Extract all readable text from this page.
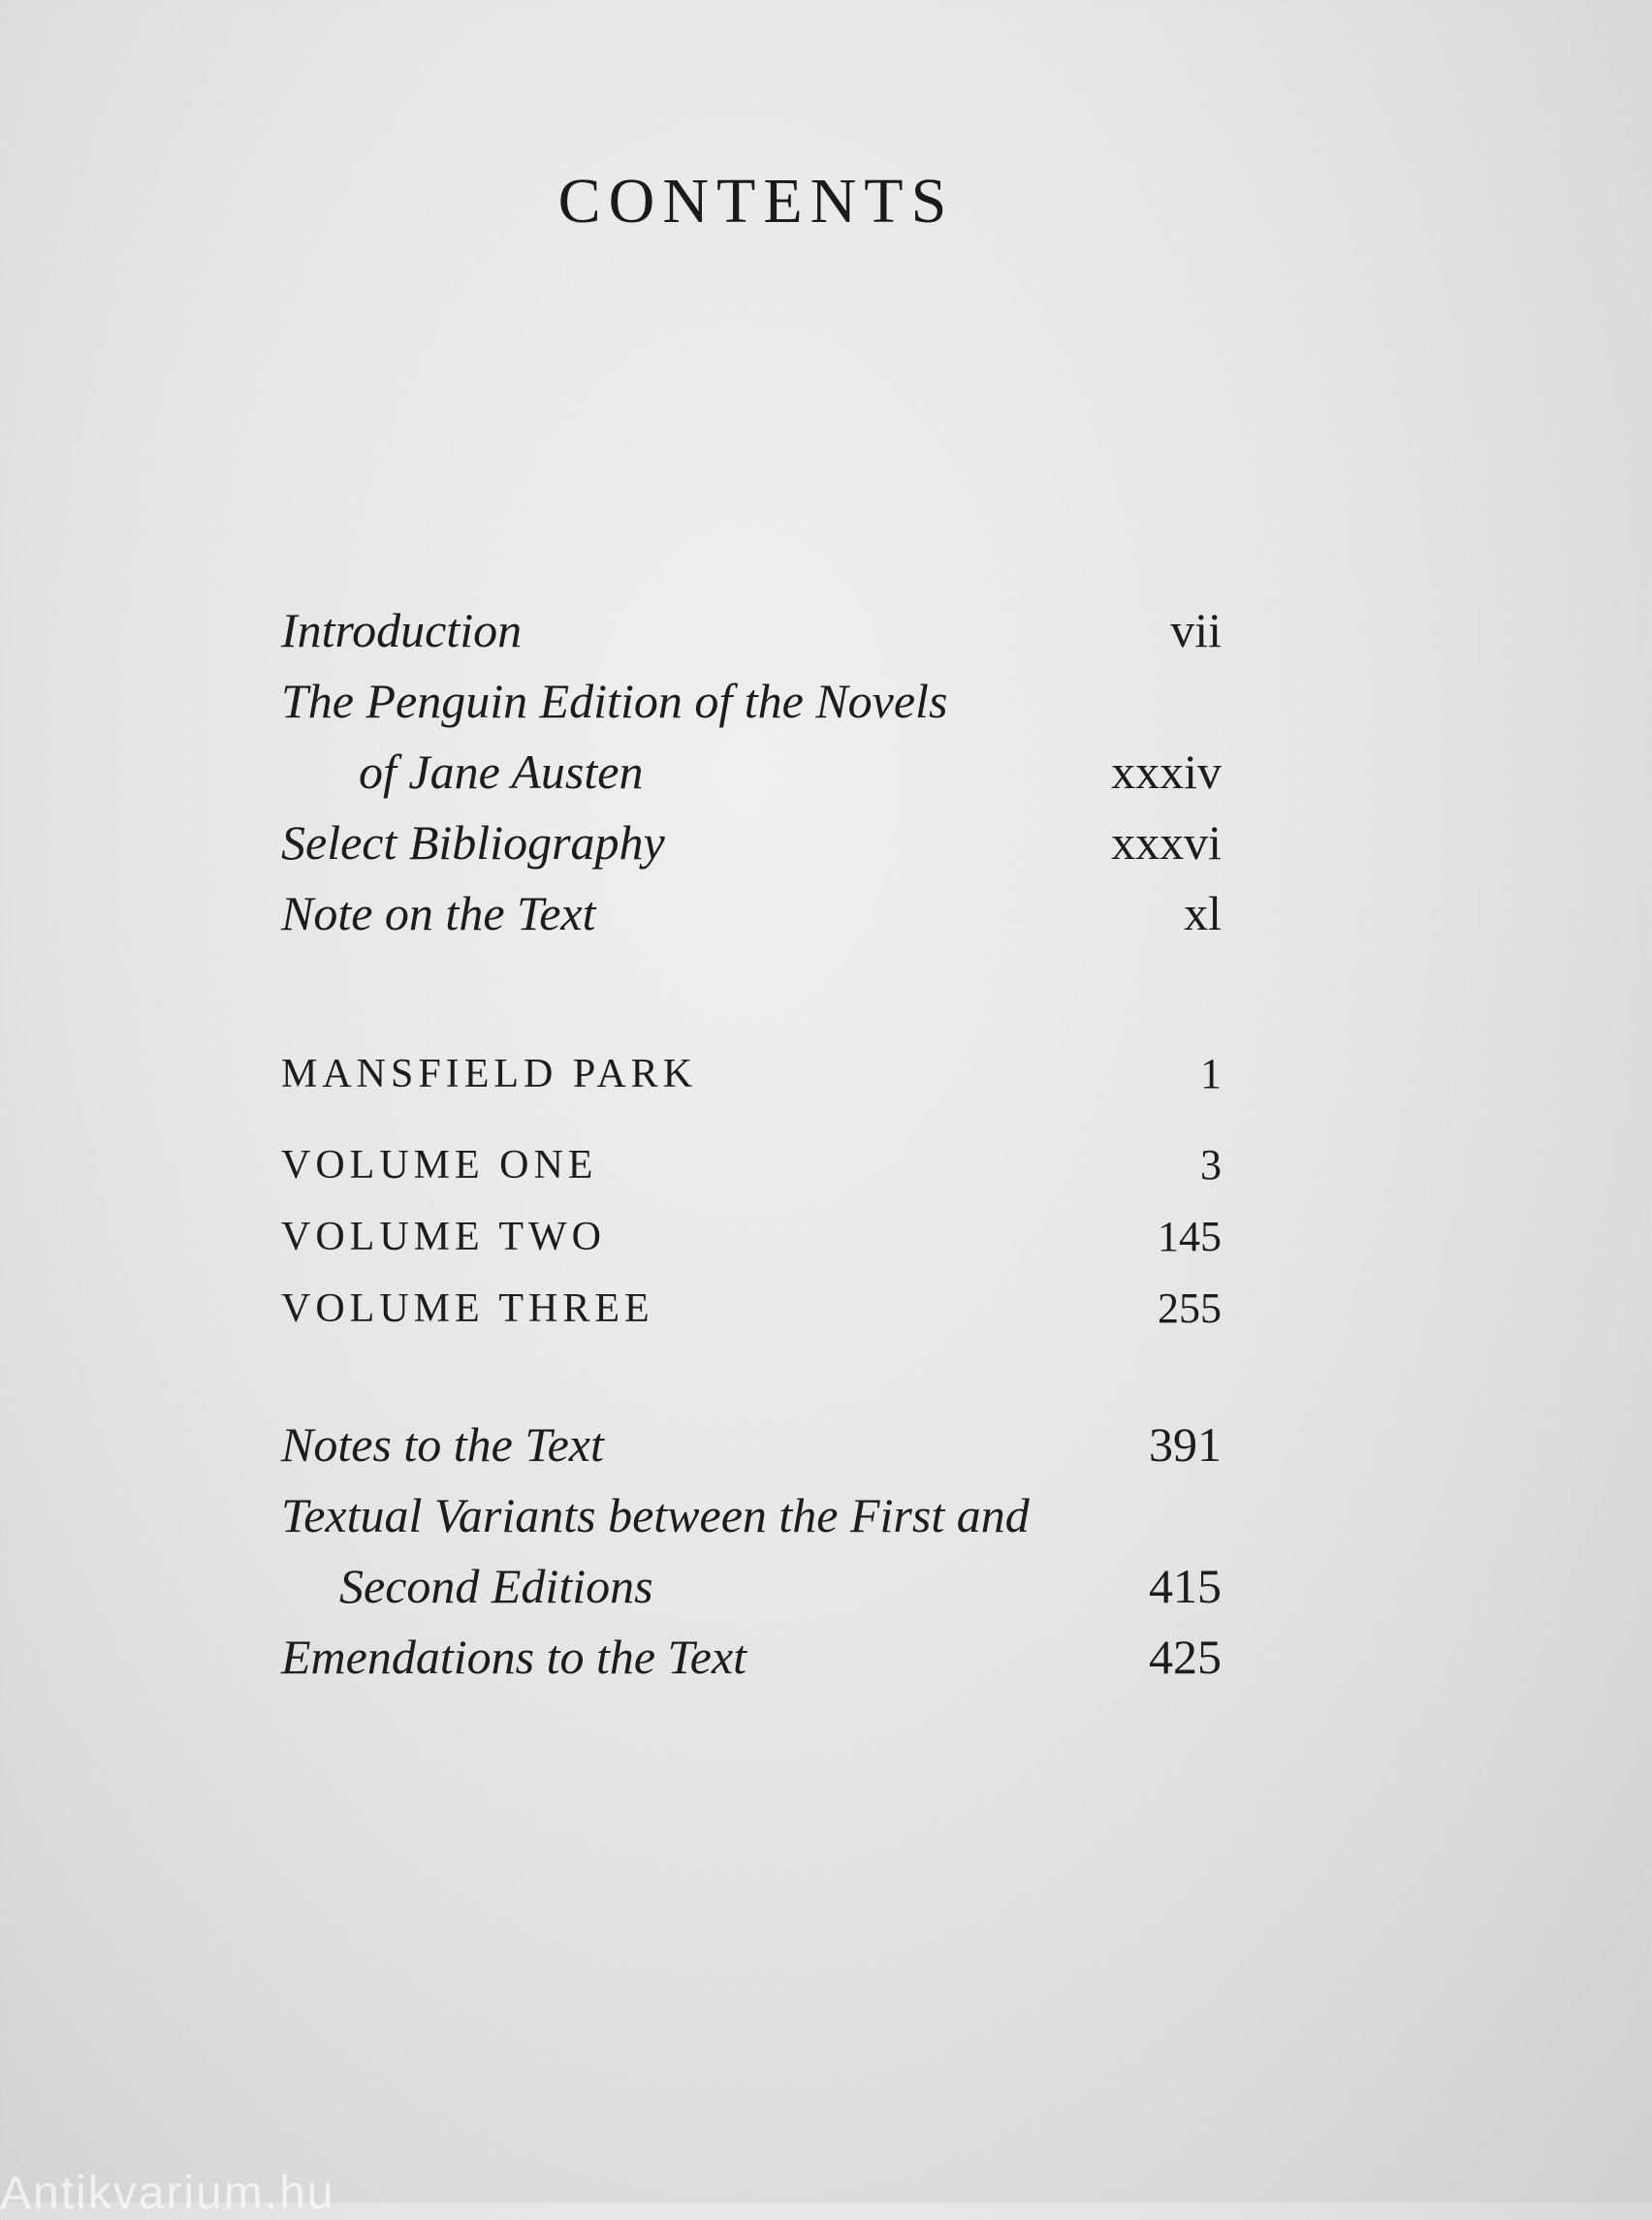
CONTENTS
Introduction	vii
The Penguin Edition of the Novels
of Jane Austen	xxxiv
Select Bibliography	xxxvi
Note on the Text	xl
MANSFIELD PARK	1
VOLUME ONE	3
VOLUME TWO	145
VOLUME THREE	255
Notes to the Text	391
Textual Variants between the First and
Second Editions	415
Emendations to the Text	425
Antikvarium.hu
